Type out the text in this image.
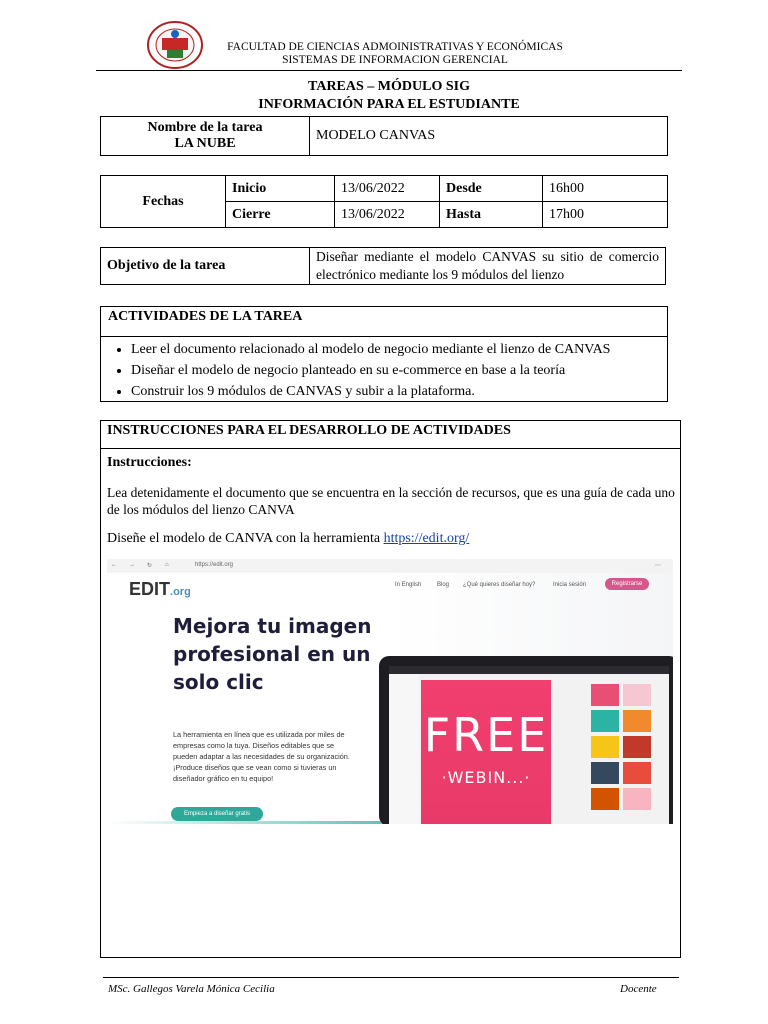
FACULTAD DE CIENCIAS ADMOINISTRATIVAS Y ECONÓMICAS
SISTEMAS DE INFORMACION GERENCIAL
TAREAS – MÓDULO SIG
INFORMACIÓN PARA EL ESTUDIANTE
Nombre de la tarea
LA NUBE
	MODELO CANVAS
Fechas	Inicio	13/06/2022	Desde	16h00
	Cierre	13/06/2022	Hasta	17h00
Objetivo de la tarea	Diseñar mediante el modelo CANVAS su sitio de comercio electrónico mediante los 9 módulos del lienzo
ACTIVIDADES DE LA TAREA
• Leer el documento relacionado al modelo de negocio mediante el lienzo de CANVAS
• Diseñar el modelo de negocio planteado en su e-commerce en base a la teoría
• Construir los 9 módulos de CANVAS y subir a la plataforma.
INSTRUCCIONES PARA EL DESARROLLO DE ACTIVIDADES

Instrucciones:

Lea detenidamente el documento que se encuentra en la sección de recursos, que es una guía de cada uno de los módulos del lienzo CANVA

Diseñe el modelo de CANVA con la herramienta https://edit.org/

← → ↻ ⌂	https://edit.org	⋯
EDIT.org
In English	Blog ¿Qué quieres diseñar hoy?	Inicia sesión	Registrarse
Mejora tu imagen profesional en un solo clic
La herramienta en línea que es utilizada por miles de empresas como la tuya. Diseños editables que se pueden adaptar a las necesidades de su organización. ¡Produce diseños que se vean como si tuvieras un diseñador gráfico en tu equipo!
Empieza a diseñar gratis
FREE
·WEBIN...·
MSc. Gallegos Varela Mónica Cecilia	Docente
